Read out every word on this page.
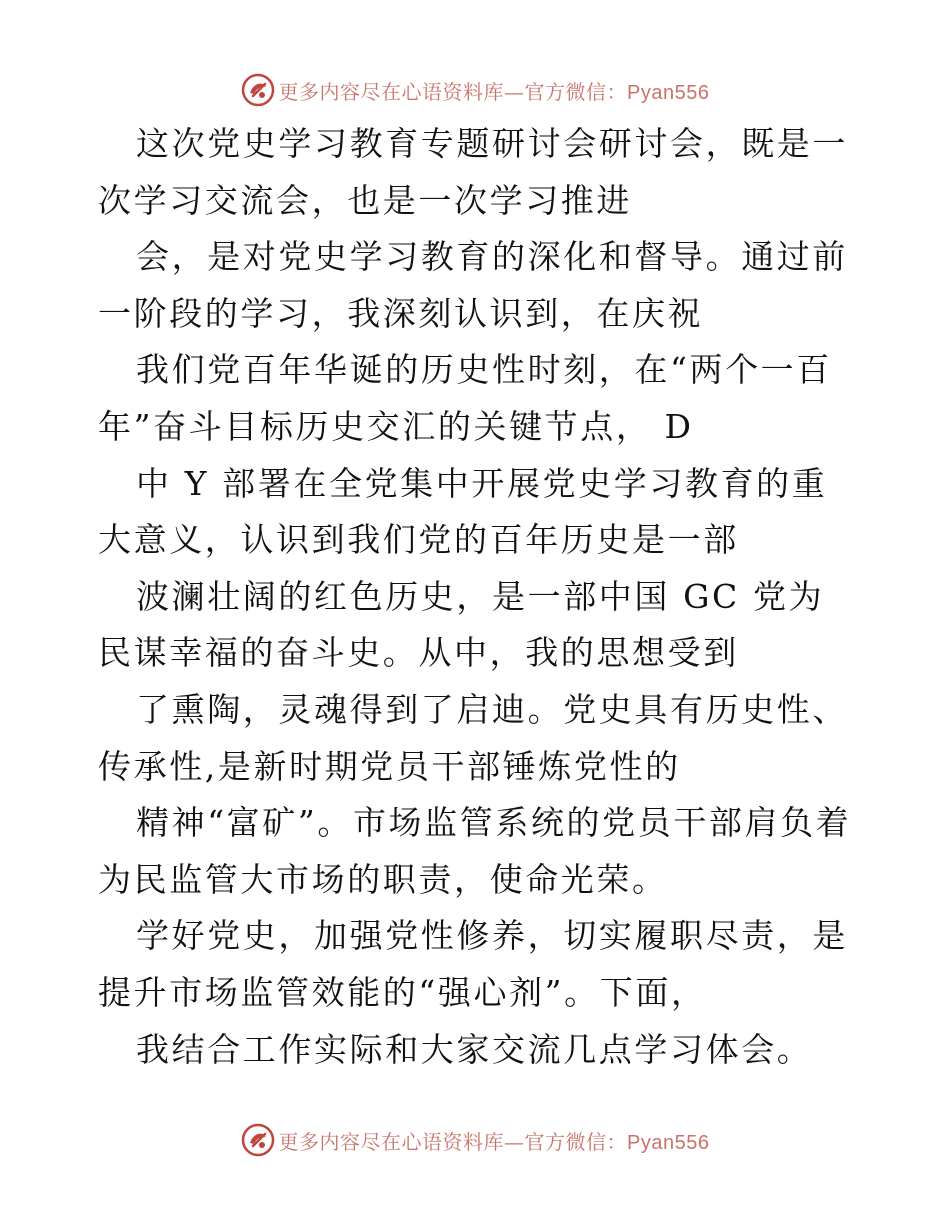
更多内容尽在心语资料库—官方微信：Pyan556

这次党史学习教育专题研讨会研讨会，既是一次学习交流会，也是一次学习推进

会，是对党史学习教育的深化和督导。通过前一阶段的学习，我深刻认识到，在庆祝

我们党百年华诞的历史性时刻，在“两个一百年”奋斗目标历史交汇的关键节点， D

中 Y 部署在全党集中开展党史学习教育的重大意义，认识到我们党的百年历史是一部

波澜壮阔的红色历史，是一部中国 GC 党为民谋幸福的奋斗史。从中，我的思想受到

了熏陶，灵魂得到了启迪。党史具有历史性、传承性,是新时期党员干部锤炼党性的

精神“富矿”。市场监管系统的党员干部肩负着为民监管大市场的职责，使命光荣。

学好党史，加强党性修养，切实履职尽责，是提升市场监管效能的“强心剂”。下面，

我结合工作实际和大家交流几点学习体会。

更多内容尽在心语资料库—官方微信：Pyan556
